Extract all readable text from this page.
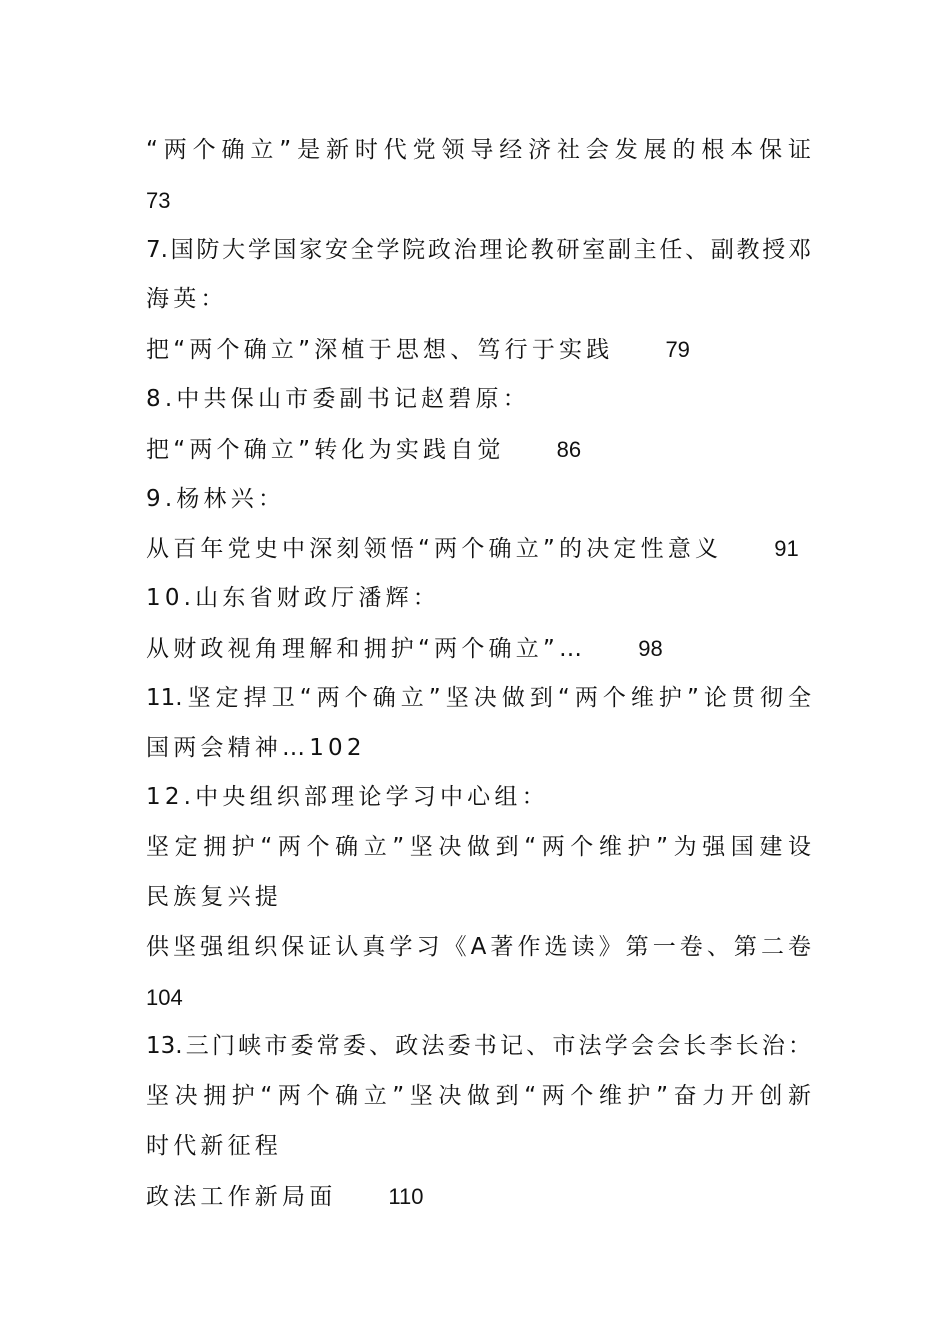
“两个确立”是新时代党领导经济社会发展的根本保证
73
7.国防大学国家安全学院政治理论教研室副主任、副教授邓
海英：
把“两个确立”深植于思想、笃行于实践 79
8.中共保山市委副书记赵碧原：
把“两个确立”转化为实践自觉 86
9.杨林兴：
从百年党史中深刻领悟“两个确立”的决定性意义 91
10.山东省财政厅潘辉：
从财政视角理解和拥护“两个确立”… 98
11.坚定捍卫“两个确立”坚决做到“两个维护”论贯彻全
国两会精神…102
12.中央组织部理论学习中心组：
坚定拥护“两个确立”坚决做到“两个维护”为强国建设
民族复兴提
供坚强组织保证认真学习《A著作选读》第一卷、第二卷
104
13.三门峡市委常委、政法委书记、市法学会会长李长治：
坚决拥护“两个确立”坚决做到“两个维护”奋力开创新
时代新征程
政法工作新局面 110
